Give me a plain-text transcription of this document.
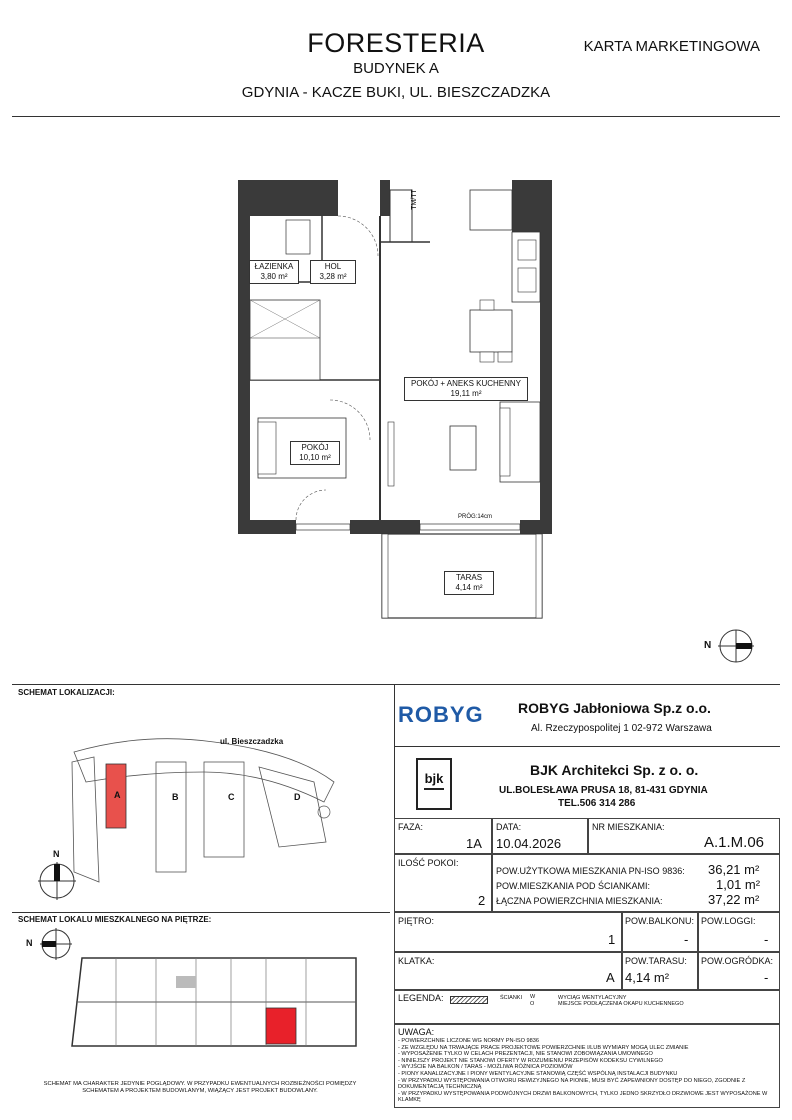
FORESTERIA
BUDYNEK A
GDYNIA - KACZE BUKI, UL. BIESZCZADZKA
KARTA MARKETINGOWA
ŁAZIENKA
3,80 m²
HOL
3,28 m²
POKÓJ + ANEKS KUCHENNY
19,11 m²
POKÓJ
10,10 m²
TARAS
4,14 m²
TM/TT
PRÓG:14cm
N
SCHEMAT LOKALIZACJI:
ul. Bieszczadzka
A	B	C	D
N
SCHEMAT LOKALU MIESZKALNEGO NA PIĘTRZE:
N
SCHEMAT MA CHARAKTER JEDYNIE POGLĄDOWY. W PRZYPADKU EWENTUALNYCH ROZBIEŻNOŚCI POMIĘDZY SCHEMATEM A PROJEKTEM BUDOWLANYM, WIĄŻĄCY JEST PROJEKT BUDOWLANY.
ROBYG ROBYG Jabłoniowa Sp.z o.o.
Al. Rzeczypospolitej 1 02-972 Warszawa
bjk
BJK Architekci Sp. z o. o.
UL.BOLESŁAWA PRUSA 18, 81-431 GDYNIA
TEL.506 314 286
FAZA:
1A
DATA:
10.04.2026
NR MIESZKANIA:
A.1.M.06
ILOŚĆ POKOI:
2
POW.UŻYTKOWA MIESZKANIA PN-ISO 9836: 36,21 m²
POW.MIESZKANIA POD ŚCIANKAMI:	1,01 m²
ŁĄCZNA POWIERZCHNIA MIESZKANIA:	37,22 m²
PIĘTRO:
1
POW.BALKONU:
-
POW.LOGGI:
-
KLATKA:
A
POW.TARASU:
4,14 m²
POW.OGRÓDKA:
-
LEGENDA:	ŚCIANKI W
O
WYCIĄG WENTYLACYJNY
MIEJSCE PODŁĄCZENIA OKAPU KUCHENNEGO
UWAGA:
- POWIERZCHNIE LICZONE WG NORMY PN-ISO 9836
- ZE WZGLĘDU NA TRWAJĄCE PRACE PROJEKTOWE POWIERZCHNIE I/LUB WYMIARY MOGĄ ULEC ZMIANIE
- WYPOSAŻENIE TYLKO W CELACH PREZENTACJI, NIE STANOWI ZOBOWIĄZANIA UMOWNEGO
- NINIEJSZY PROJEKT NIE STANOWI OFERTY W ROZUMIENIU PRZEPISÓW KODEKSU CYWILNEGO
- WYJŚCIE NA BALKON / TARAS - MOŻLIWA RÓŻNICA POZIOMÓW
- PIONY KANALIZACYJNE I PIONY WENTYLACYJNE STANOWIĄ CZĘŚĆ WSPÓLNĄ INSTALACJI BUDYNKU
- W PRZYPADKU WYSTĘPOWANIA OTWORU REWIZYJNEGO NA PIONIE, MUSI BYĆ ZAPEWNIONY DOSTĘP DO NIEGO, ZGODNIE Z DOKUMENTACJĄ TECHNICZNĄ
- W PRZYPADKU WYSTĘPOWANIA PODWÓJNYCH DRZWI BALKONOWYCH, TYLKO JEDNO SKRZYDŁO DRZWIOWE JEST WYPOSAŻONE W KLAMKĘ
